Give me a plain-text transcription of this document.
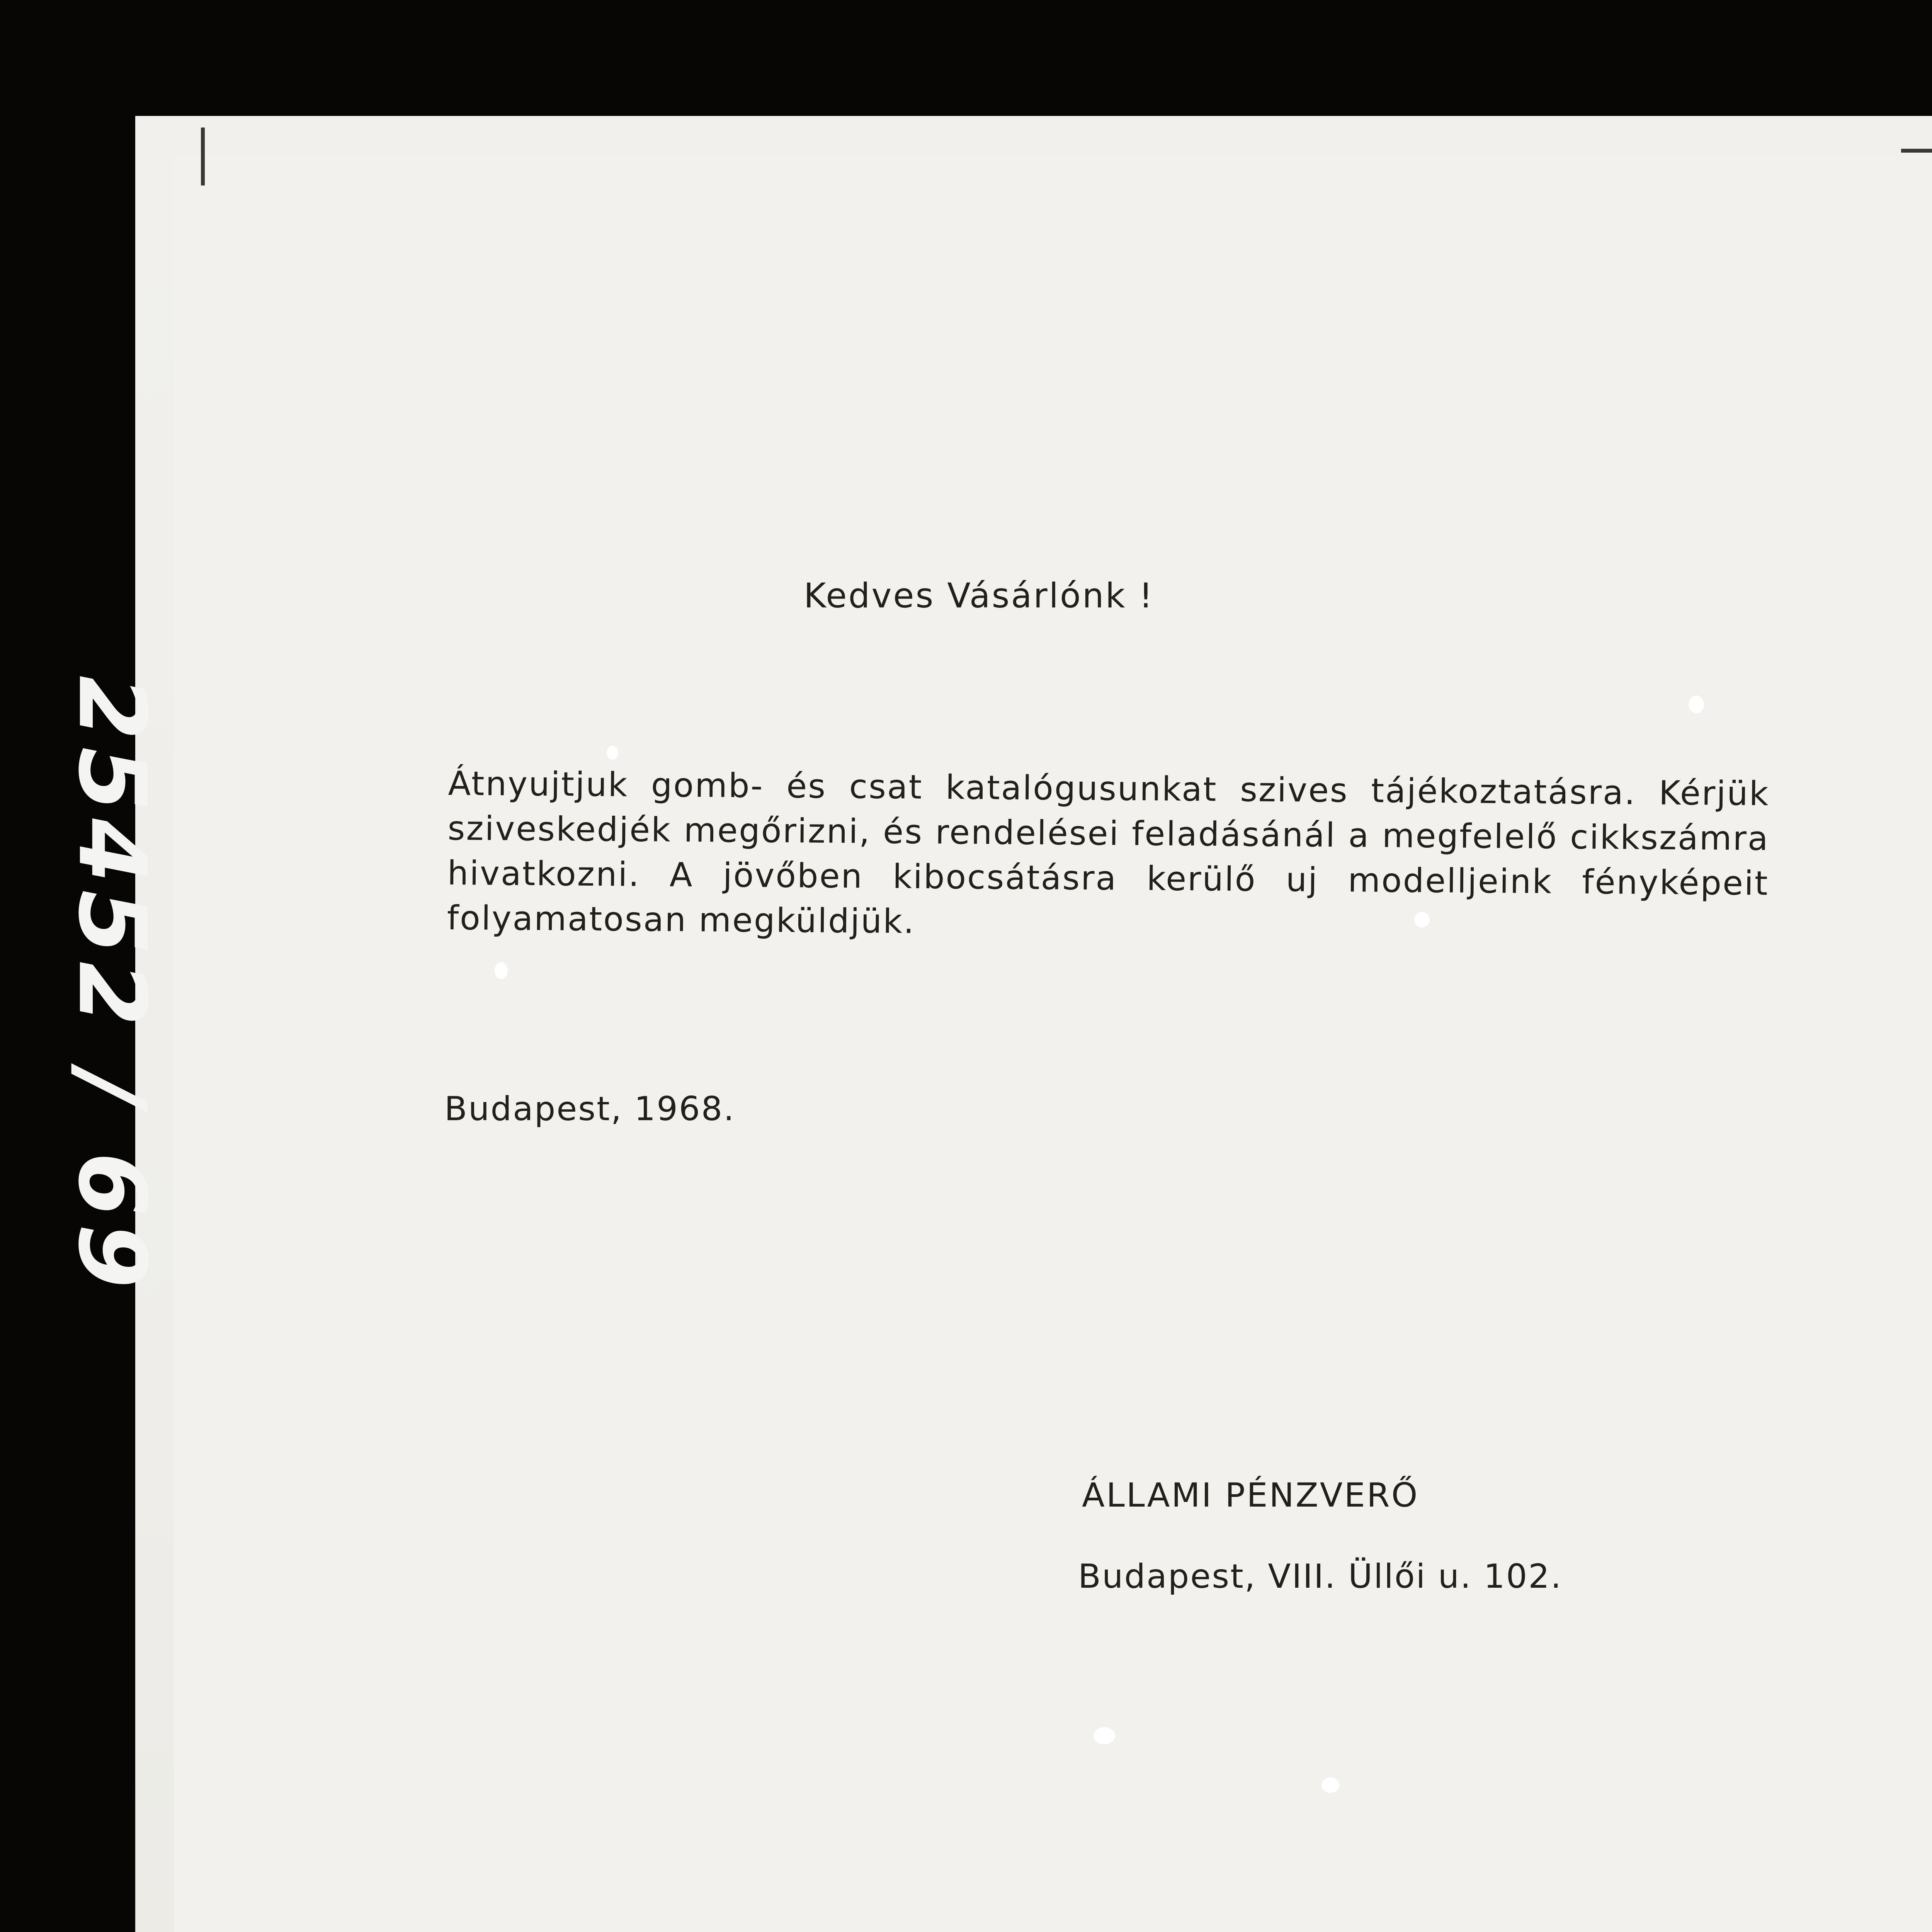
25452 / 69
Kedves Vásárlónk !
Átnyujtjuk gomb- és csat katalógusunkat szives tájékoztatásra. Kérjük sziveskedjék megőrizni, és rendelései feladásánál a megfelelő cikkszámra hivatkozni. A jövőben kibocsátásra kerülő uj modelljeink fényképeit folyamatosan megküldjük.
Budapest, 1968.
ÁLLAMI PÉNZVERŐ
Budapest, VIII. Üllői u. 102.
